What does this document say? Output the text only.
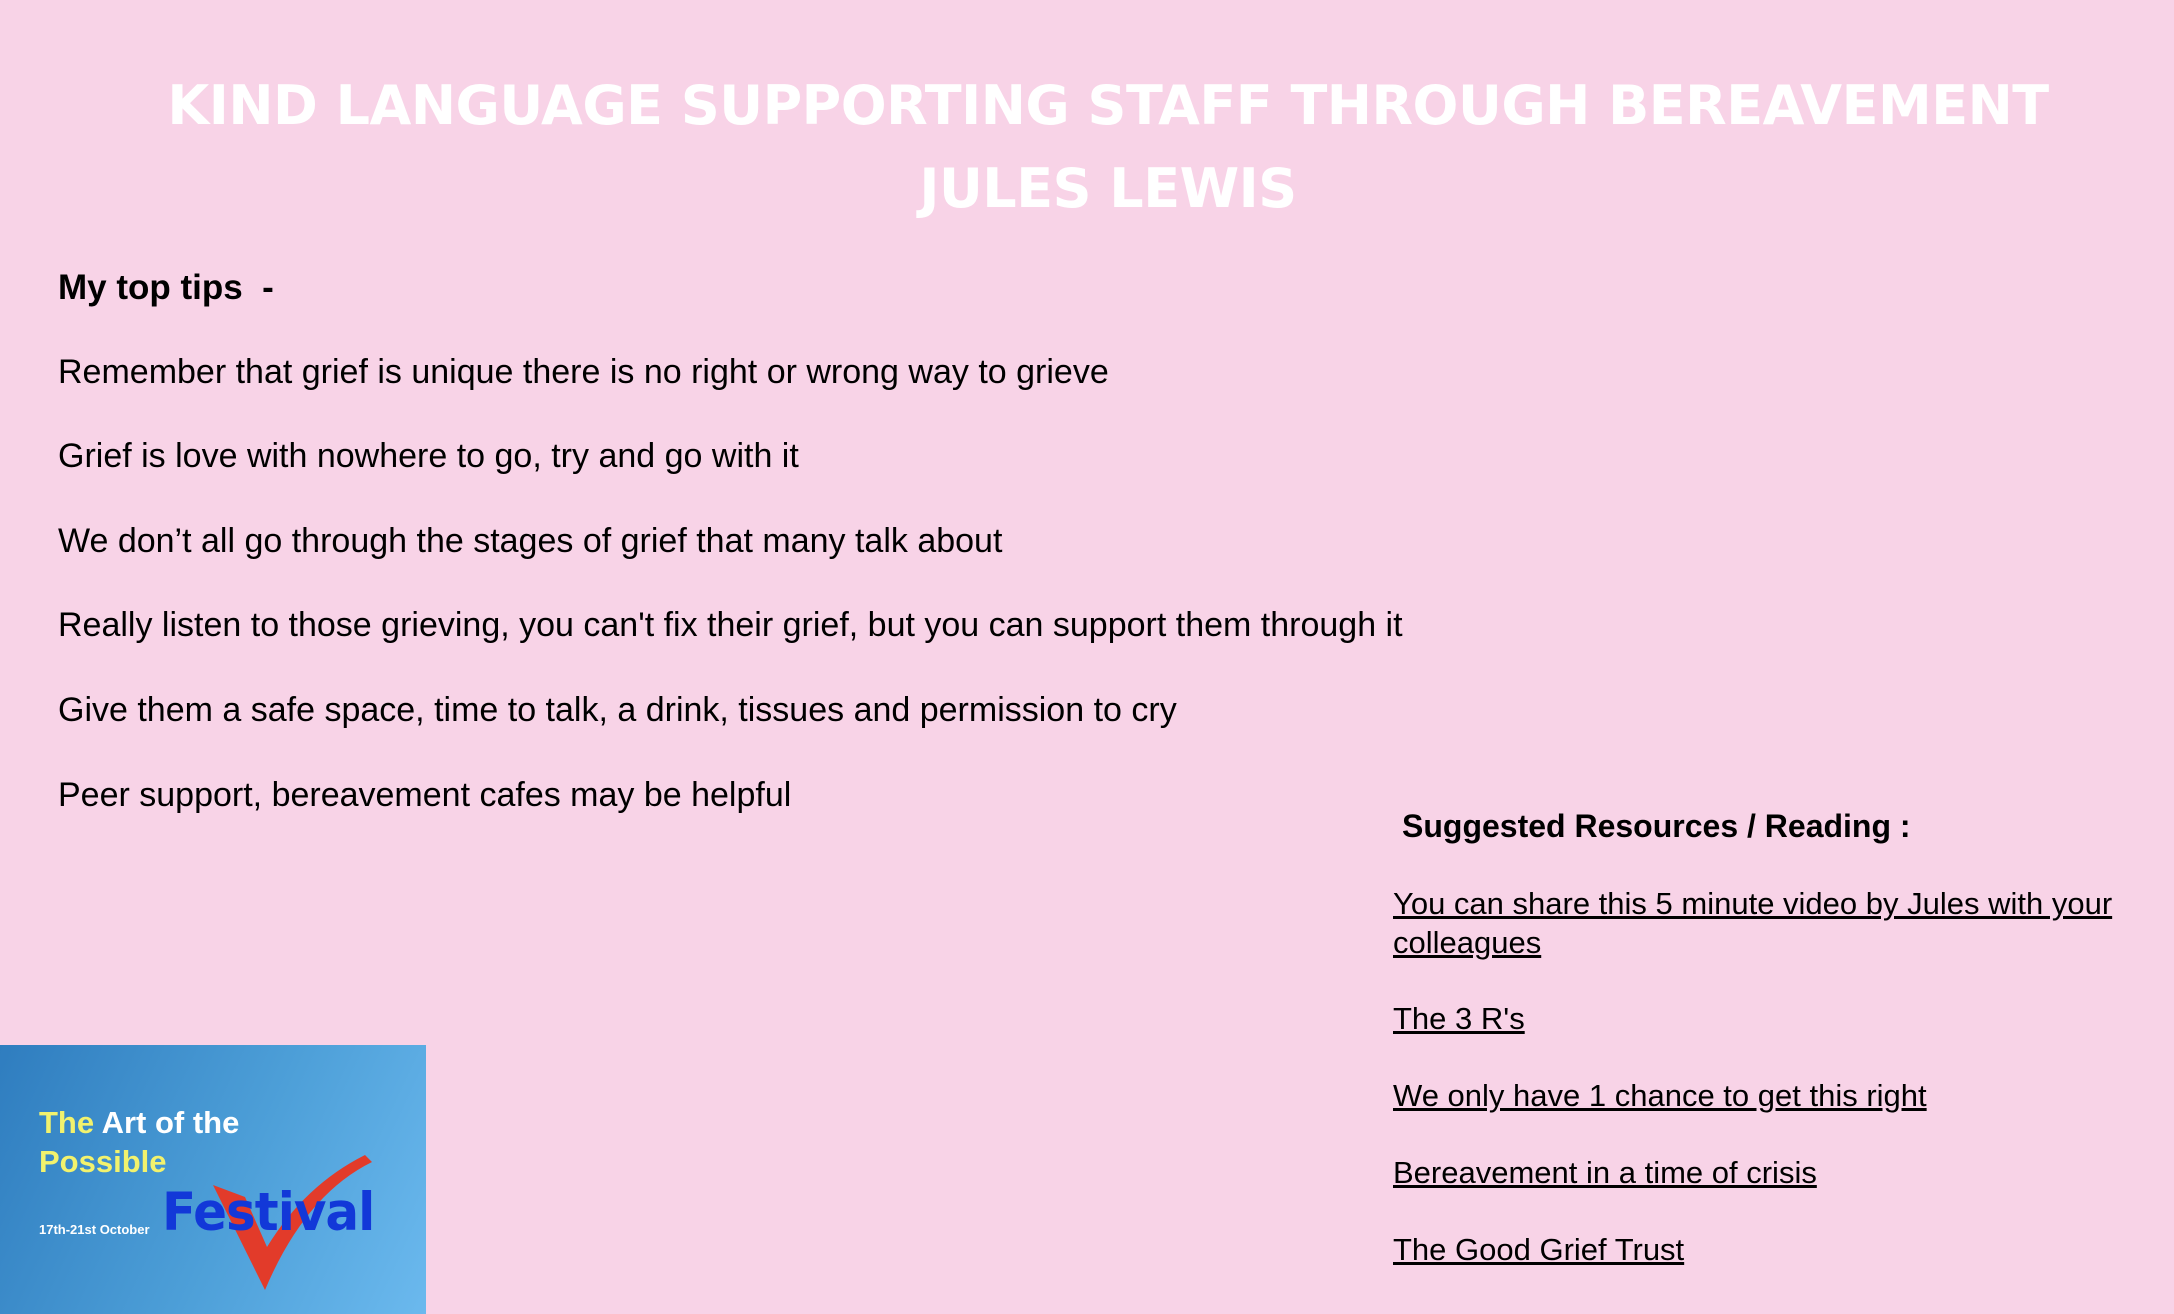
KIND LANGUAGE SUPPORTING STAFF THROUGH BEREAVEMENT
JULES LEWIS
My top tips  -
Remember that grief is unique there is no right or wrong way to grieve
Grief is love with nowhere to go, try and go with it
We don’t all go through the stages of grief that many talk about
Really listen to those grieving, you can't fix their grief, but you can support them through it
Give them a safe space, time to talk, a drink, tissues and permission to cry
Peer support, bereavement cafes may be helpful
Suggested Resources / Reading :
You can share this 5 minute video by Jules with your colleagues
The 3 R's
We only have 1 chance to get this right
Bereavement in a time of crisis
The Good Grief Trust
The Art of the
Possible
17th-21st October Festival
